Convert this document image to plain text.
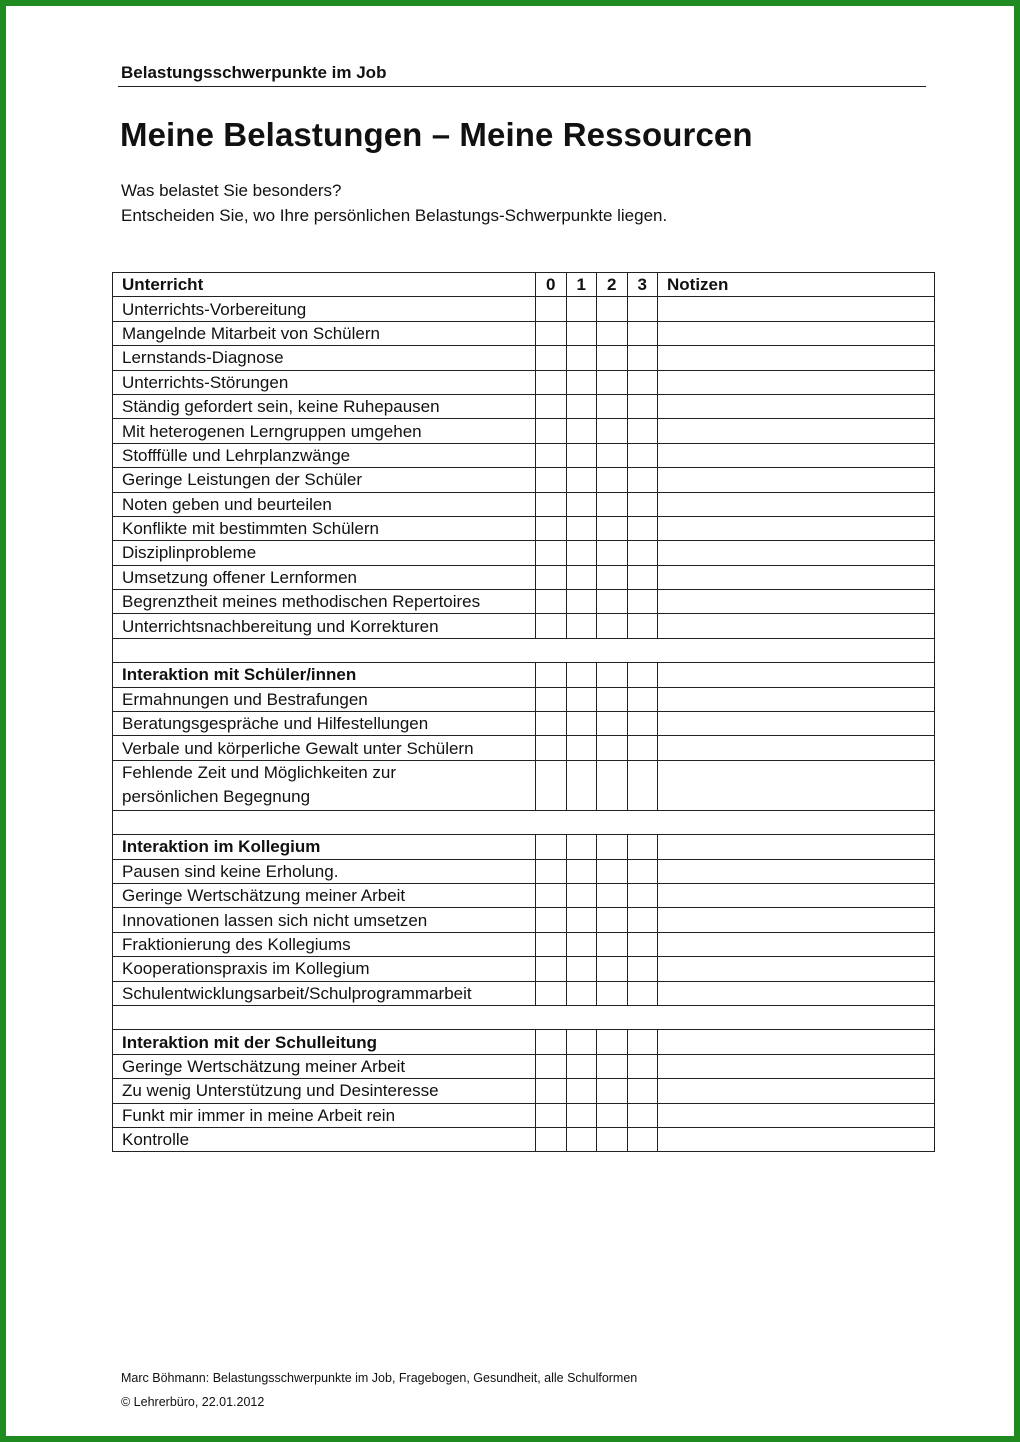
Belastungsschwerpunkte im Job
Meine Belastungen – Meine Ressourcen
Was belastet Sie besonders?
Entscheiden Sie, wo Ihre persönlichen Belastungs-Schwerpunkte liegen.
Unterricht	0	1	2	3	Notizen
Unterrichts-Vorbereitung					
Mangelnde Mitarbeit von Schülern					
Lernstands-Diagnose					
Unterrichts-Störungen					
Ständig gefordert sein, keine Ruhepausen					
Mit heterogenen Lerngruppen umgehen					
Stofffülle und Lehrplanzwänge					
Geringe Leistungen der Schüler					
Noten geben und beurteilen					
Konflikte mit bestimmten Schülern					
Disziplinprobleme					
Umsetzung offener Lernformen					
Begrenztheit meines methodischen Repertoires					
Unterrichtsnachbereitung und Korrekturen					

Interaktion mit Schüler/innen					
Ermahnungen und Bestrafungen					
Beratungsgespräche und Hilfestellungen					
Verbale und körperliche Gewalt unter Schülern					

Fehlende Zeit und Möglichkeiten zur
persönlichen Begegnung					

Interaktion im Kollegium					
Pausen sind keine Erholung.					
Geringe Wertschätzung meiner Arbeit					
Innovationen lassen sich nicht umsetzen					
Fraktionierung des Kollegiums					
Kooperationspraxis im Kollegium					
Schulentwicklungsarbeit/Schulprogrammarbeit					

Interaktion mit der Schulleitung					
Geringe Wertschätzung meiner Arbeit					
Zu wenig Unterstützung und Desinteresse					
Funkt mir immer in meine Arbeit rein					
Kontrolle					
Marc Böhmann: Belastungsschwerpunkte im Job, Fragebogen, Gesundheit, alle Schulformen
© Lehrerbüro, 22.01.2012
